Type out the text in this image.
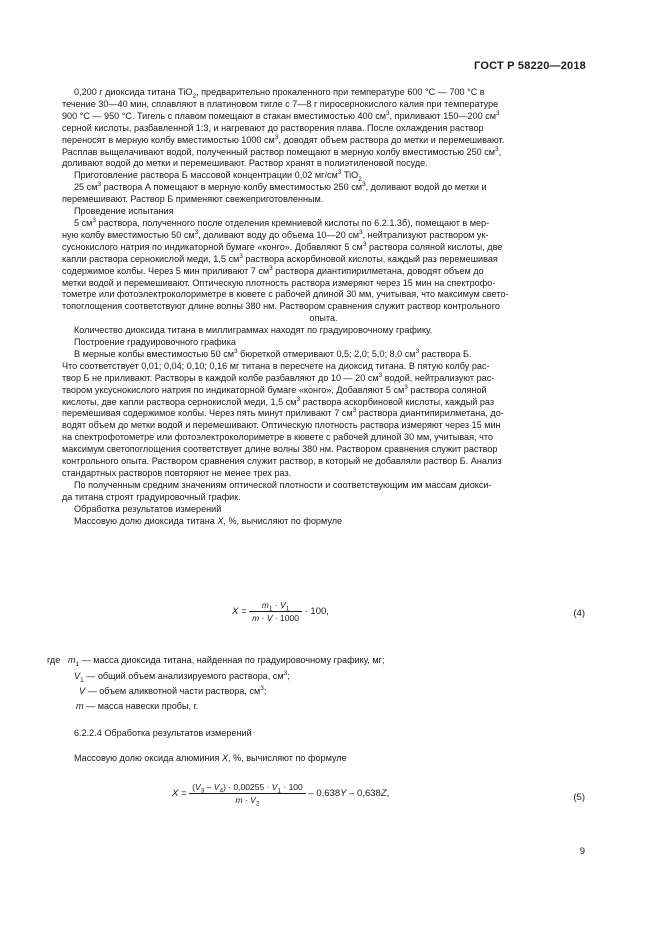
ГОСТ Р 58220—2018

0,200 г диоксида титана TiO$_2$, предварительно прокаленного при температуре 600 °С — 700 °С в
течение 30—40 мин, сплавляют в платиновом тигле с 7—8 г пиросернокислого калия при температуре
900 °С — 950 °С. Тигель с плавом помещают в стакан вместимостью 400 $см^3$, приливают 150—200 $см^3$
серной кислоты, разбавленной 1:3, и нагревают до растворения плава. После охлаждения раствор
переносят в мерную колбу вместимостью 1000 $см^3$, доводят объем раствора до метки и перемешивают.
Расплав выщелачивают водой, полученный раствор помещают в мерную колбу вместимостью 250 $см^3$,
доливают водой до метки и перемешивают. Раствор хранят в полиэтиленовой посуде.

Приготовление раствора Б массовой концентрации 0,02 $мг/см^3$ TiO$_2$

25 $см^3$ раствора А помещают в мерную колбу вместимостью 250 $см^3$, доливают водой до метки и
перемешивают. Раствор Б применяют свежеприготовленным.

Проведение испытания

5 $см^3$ раствора, полученного после отделения кремниевой кислоты по 6.2.1.3б), помещают в мер-
ную колбу вместимостью 50 $см^3$, доливают воду до объема 10—20 $см^3$, нейтрализуют раствором ук-
суснокислого натрия по индикаторной бумаге «конго». Добавляют 5 $см^3$ раствора соляной кислоты, две
капли раствора сернокислой меди, 1,5 $см^3$ раствора аскорбиновой кислоты, каждый раз перемешивая
содержимое колбы. Через 5 мин приливают 7 $см^3$ раствора диантипирилметана, доводят объем до
метки водой и перемешивают. Оптическую плотность раствора измеряют через 15 мин на спектрофо-
тометре или фотоэлектроколориметре в кювете с рабочей длиной 30 мм, учитывая, что максимум свето-
топоглощения соответствуют длине волны 380 нм. Раствором сравнения служит раствор контрольного
опыта.

Количество диоксида титана в миллиграммах находят по градуировочному графику.

Построение градуировочного графика

В мерные колбы вместимостью 50 $см^3$ бюреткой отмеривают 0,5; 2,0; 5,0; 8,0 $см^3$ раствора Б.
Что соответствует 0,01; 0,04; 0,10; 0,16 мг титана в пересчете на диоксид титана. В пятую колбу рас-
твор Б не приливают. Растворы в каждой колбе разбавляют до 10 — 20 $см^3$ водой, нейтрализуют рас-
твором уксуснокислого натрия по индикаторной бумаге «конго». Добавляют 5 $см^3$ раствора соляной
кислоты, две капли раствора сернокислой меди, 1,5 $см^3$ раствора аскорбиновой кислоты, каждый раз
перемешивая содержимое колбы. Через пять минут приливают 7 $см^3$ раствора диантипирилметана, до-
водят объем до метки водой и перемешивают. Оптическую плотность раствора измеряют через 15 мин
на спектрофотометре или фотоэлектроколориметре в кювете с рабочей длиной 30 мм, учитывая, что
максимум светопоглощения соответствует длине волны 380 нм. Раствором сравнения служит раствор
контрольного опыта. Раствором сравнения служит раствор, в который не добавляли раствор Б. Анализ
стандартных растворов повторяют не менее трех раз.

По полученным средним значениям оптической плотности и соответствующим им массам диокси-
да титана строят градуировочный график.

Обработка результатов измерений

Массовую долю диоксида титана X, %, вычисляют по формуле

$X = \frac{m_1 \cdot V_1}{m \cdot V \cdot 1000} \cdot 100$,	(4)
где $m_1$ — масса диоксида титана, найденная по градуировочному графику, мг;
$V_1$ — общий объем анализируемого раствора, $см^3$;
V — объем аликвотной части раствора, $см^3$;
m — масса навески пробы, г.

6.2.2.4 Обработка результатов измерений

Массовую долю оксида алюминия X, %, вычисляют по формуле

$X = \frac{(V_3 - V_4) \cdot 0,00255 \cdot V_1 \cdot 100}{m \cdot V_2} - 0,638Y - 0,638Z$,	(5)
9
